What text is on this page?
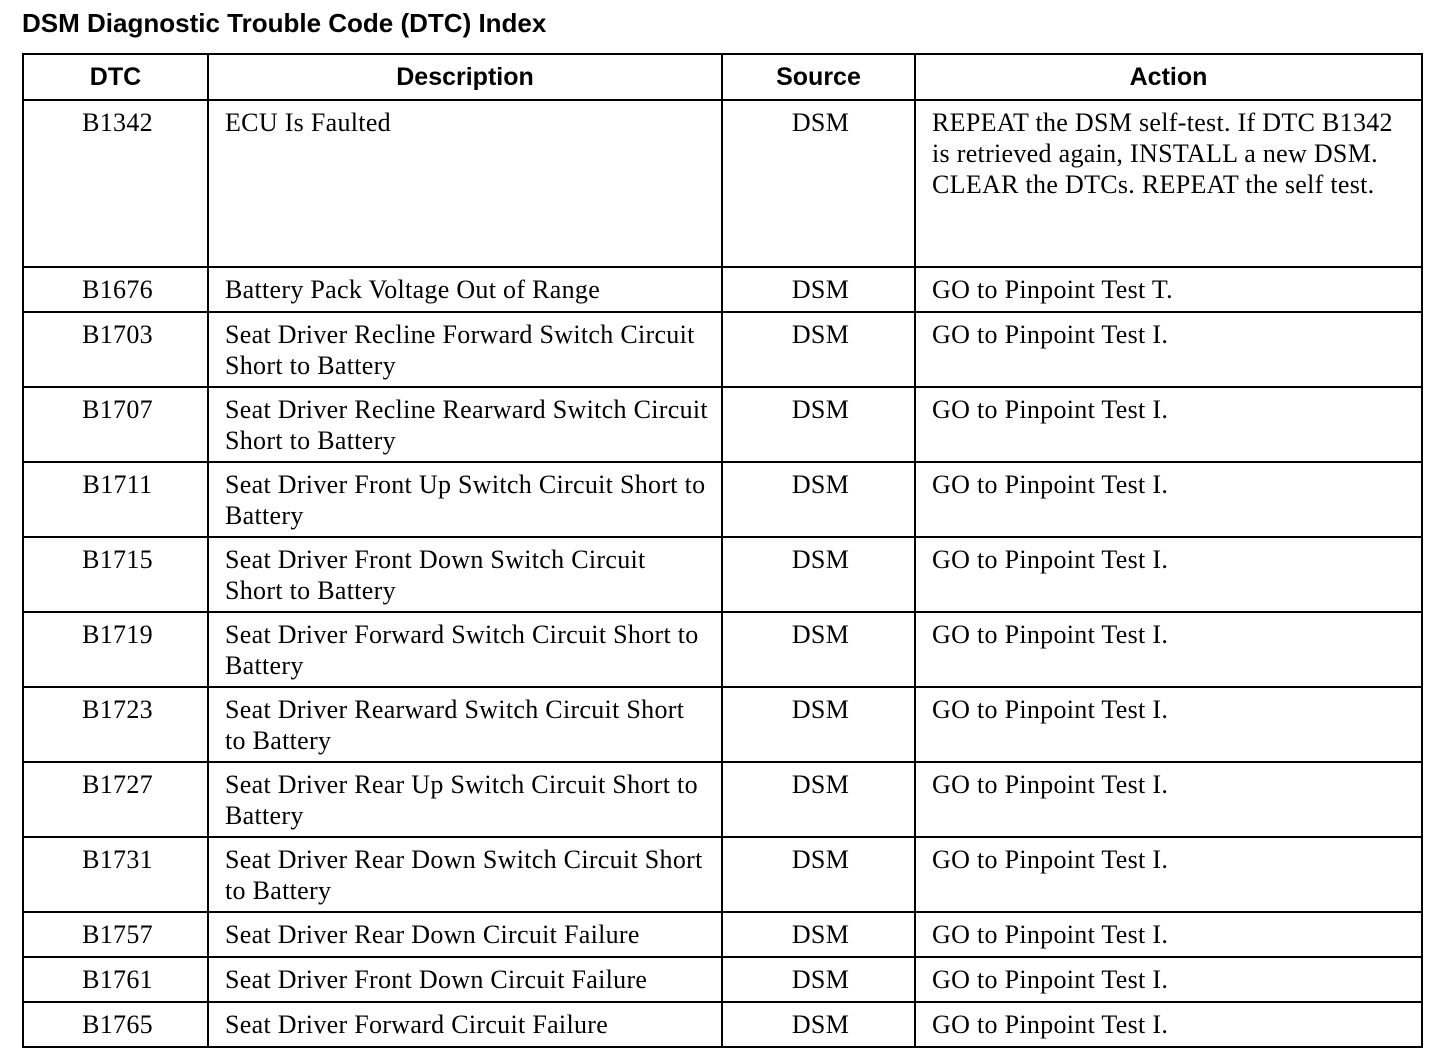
DSM Diagnostic Trouble Code (DTC) Index
DTC	Description	Source	Action
B1342	ECU Is Faulted	DSM	REPEAT the DSM self-test. If DTC B1342 is retrieved again, INSTALL a new DSM. CLEAR the DTCs. REPEAT the self test.
B1676	Battery Pack Voltage Out of Range	DSM	GO to Pinpoint Test T.
B1703	Seat Driver Recline Forward Switch Circuit Short to Battery	DSM	GO to Pinpoint Test I.
B1707	Seat Driver Recline Rearward Switch Circuit Short to Battery	DSM	GO to Pinpoint Test I.
B1711	Seat Driver Front Up Switch Circuit Short to Battery	DSM	GO to Pinpoint Test I.
B1715	Seat Driver Front Down Switch Circuit Short to Battery	DSM	GO to Pinpoint Test I.
B1719	Seat Driver Forward Switch Circuit Short to Battery	DSM	GO to Pinpoint Test I.
B1723	Seat Driver Rearward Switch Circuit Short to Battery	DSM	GO to Pinpoint Test I.
B1727	Seat Driver Rear Up Switch Circuit Short to Battery	DSM	GO to Pinpoint Test I.
B1731	Seat Driver Rear Down Switch Circuit Short to Battery	DSM	GO to Pinpoint Test I.
B1757	Seat Driver Rear Down Circuit Failure	DSM	GO to Pinpoint Test I.
B1761	Seat Driver Front Down Circuit Failure	DSM	GO to Pinpoint Test I.
B1765	Seat Driver Forward Circuit Failure	DSM	GO to Pinpoint Test I.
